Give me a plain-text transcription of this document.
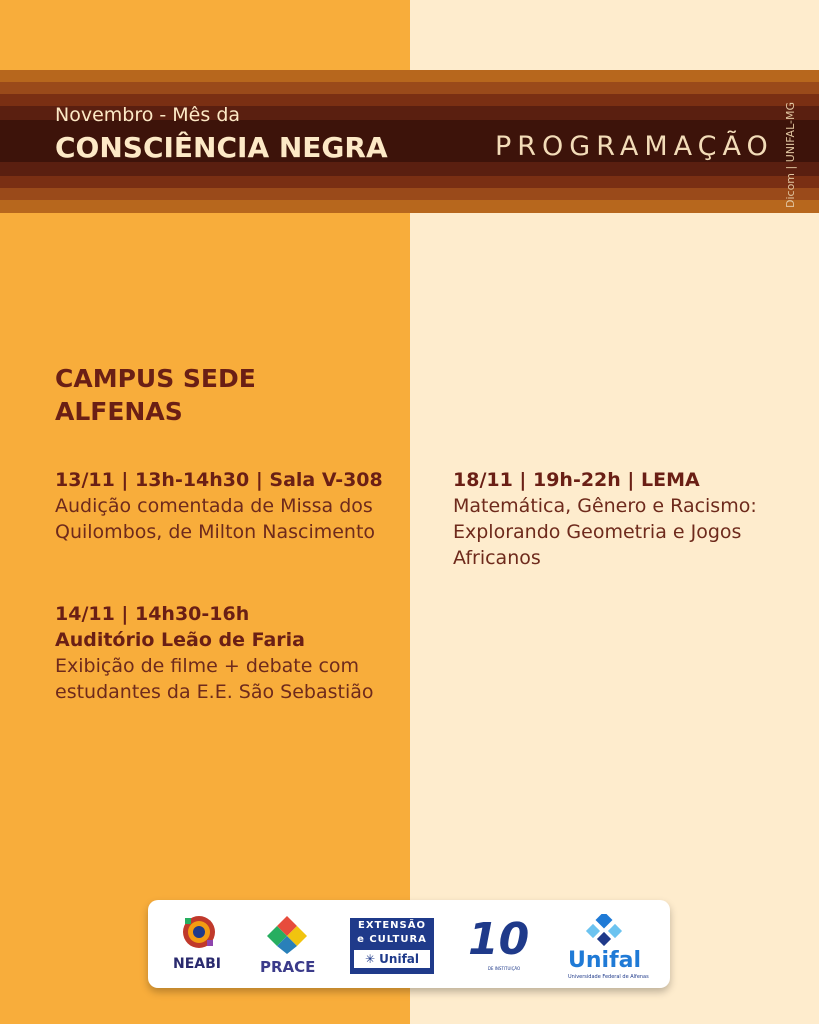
Novembro - Mês da
CONSCIÊNCIA NEGRA	PROGRAMAÇÃO Dicom | UNIFAL-MG
CAMPUS SEDE
ALFENAS
13/11 | 13h-14h30 | Sala V-308
Audição comentada de Missa dos Quilombos, de Milton Nascimento
14/11 | 14h30-16h
Auditório Leão de Faria
Exibição de filme + debate com estudantes da E.E. São Sebastião
18/11 | 19h-22h | LEMA
Matemática, Gênero e Racismo: Explorando Geometria e Jogos Africanos
NEABI	PRACE
EXTENSÃO
e CULTURA
✳ Unifal 10
DE INSTITUIÇÃO	Unifal
Universidade Federal de Alfenas
